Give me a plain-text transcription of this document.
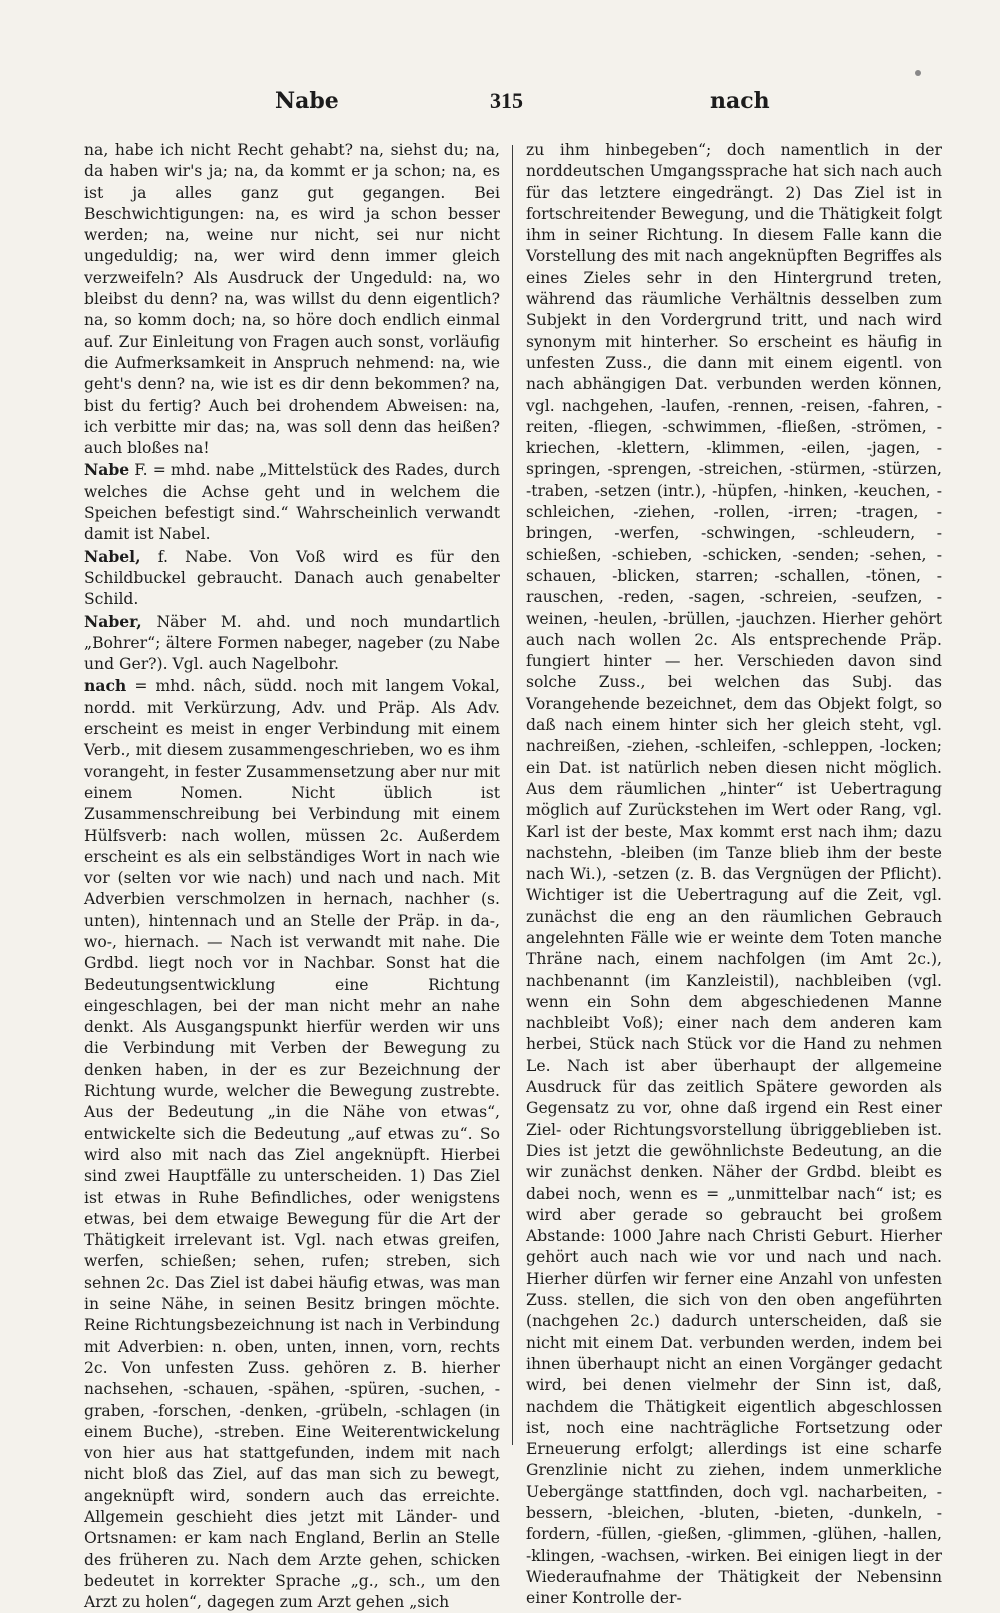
Nabe	315	nach

na, habe ich nicht Recht gehabt? na, siehst du; na, da haben wir's ja; na, da kommt er ja schon; na, es ist ja alles ganz gut gegangen. Bei Beschwichtigungen: na, es wird ja schon besser werden; na, weine nur nicht, sei nur nicht ungeduldig; na, wer wird denn immer gleich verzweifeln? Als Ausdruck der Ungeduld: na, wo bleibst du denn? na, was willst du denn eigentlich? na, so komm doch; na, so höre doch endlich einmal auf. Zur Einleitung von Fragen auch sonst, vorläufig die Aufmerksamkeit in Anspruch nehmend: na, wie geht's denn? na, wie ist es dir denn bekommen? na, bist du fertig? Auch bei drohendem Abweisen: na, ich verbitte mir das; na, was soll denn das heißen? auch bloßes na!

Nabe F. = mhd. nabe „Mittelstück des Rades, durch welches die Achse geht und in welchem die Speichen befestigt sind.“ Wahrscheinlich verwandt damit ist Nabel.

Nabel, f. Nabe. Von Voß wird es für den Schildbuckel gebraucht. Danach auch genabelter Schild.

Naber, Näber M. ahd. und noch mundartlich „Bohrer“; ältere Formen nabeger, nageber (zu Nabe und Ger?). Vgl. auch Nagelbohr.

nach = mhd. nâch, südd. noch mit langem Vokal, nordd. mit Verkürzung, Adv. und Präp. Als Adv. erscheint es meist in enger Verbindung mit einem Verb., mit diesem zusammengeschrieben, wo es ihm vorangeht, in fester Zusammensetzung aber nur mit einem Nomen. Nicht üblich ist Zusammenschreibung bei Verbindung mit einem Hülfsverb: nach wollen, müssen 2c. Außerdem erscheint es als ein selbständiges Wort in nach wie vor (selten vor wie nach) und nach und nach. Mit Adverbien verschmolzen in hernach, nachher (s. unten), hintennach und an Stelle der Präp. in da-, wo-, hiernach. — Nach ist verwandt mit nahe. Die Grdbd. liegt noch vor in Nachbar. Sonst hat die Bedeutungsentwicklung eine Richtung eingeschlagen, bei der man nicht mehr an nahe denkt. Als Ausgangspunkt hierfür werden wir uns die Verbindung mit Verben der Bewegung zu denken haben, in der es zur Bezeichnung der Richtung wurde, welcher die Bewegung zustrebte. Aus der Bedeutung „in die Nähe von etwas“, entwickelte sich die Bedeutung „auf etwas zu“. So wird also mit nach das Ziel angeknüpft. Hierbei sind zwei Hauptfälle zu unterscheiden. 1) Das Ziel ist etwas in Ruhe Befindliches, oder wenigstens etwas, bei dem etwaige Bewegung für die Art der Thätigkeit irrelevant ist. Vgl. nach etwas greifen, werfen, schießen; sehen, rufen; streben, sich sehnen 2c. Das Ziel ist dabei häufig etwas, was man in seine Nähe, in seinen Besitz bringen möchte. Reine Richtungsbezeichnung ist nach in Verbindung mit Adverbien: n. oben, unten, innen, vorn, rechts 2c. Von unfesten Zuss. gehören z. B. hierher nachsehen, -schauen, -spähen, -spüren, -suchen, -graben, -forschen, -denken, -grübeln, -schlagen (in einem Buche), -streben. Eine Weiterentwickelung von hier aus hat stattgefunden, indem mit nach nicht bloß das Ziel, auf das man sich zu bewegt, angeknüpft wird, sondern auch das erreichte. Allgemein geschieht dies jetzt mit Länder- und Ortsnamen: er kam nach England, Berlin an Stelle des früheren zu. Nach dem Arzte gehen, schicken bedeutet in korrekter Sprache „g., sch., um den Arzt zu holen“, dagegen zum Arzt gehen „sich

zu ihm hinbegeben“; doch namentlich in der norddeutschen Umgangssprache hat sich nach auch für das letztere eingedrängt. 2) Das Ziel ist in fortschreitender Bewegung, und die Thätigkeit folgt ihm in seiner Richtung. In diesem Falle kann die Vorstellung des mit nach angeknüpften Begriffes als eines Zieles sehr in den Hintergrund treten, während das räumliche Verhältnis desselben zum Subjekt in den Vordergrund tritt, und nach wird synonym mit hinterher. So erscheint es häufig in unfesten Zuss., die dann mit einem eigentl. von nach abhängigen Dat. verbunden werden können, vgl. nachgehen, -laufen, -rennen, -reisen, -fahren, -reiten, -fliegen, -schwimmen, -fließen, -strömen, -kriechen, -klettern, -klimmen, -eilen, -jagen, -springen, -sprengen, -streichen, -stürmen, -stürzen, -traben, -setzen (intr.), -hüpfen, -hinken, -keuchen, -schleichen, -ziehen, -rollen, -irren; -tragen, -bringen, -werfen, -schwingen, -schleudern, -schießen, -schieben, -schicken, -senden; -sehen, -schauen, -blicken, starren; -schallen, -tönen, -rauschen, -reden, -sagen, -schreien, -seufzen, -weinen, -heulen, -brüllen, -jauchzen. Hierher gehört auch nach wollen 2c. Als entsprechende Präp. fungiert hinter — her. Verschieden davon sind solche Zuss., bei welchen das Subj. das Vorangehende bezeichnet, dem das Objekt folgt, so daß nach einem hinter sich her gleich steht, vgl. nachreißen, -ziehen, -schleifen, -schleppen, -locken; ein Dat. ist natürlich neben diesen nicht möglich. Aus dem räumlichen „hinter“ ist Uebertragung möglich auf Zurückstehen im Wert oder Rang, vgl. Karl ist der beste, Max kommt erst nach ihm; dazu nachstehn, -bleiben (im Tanze blieb ihm der beste nach Wi.), -setzen (z. B. das Vergnügen der Pflicht). Wichtiger ist die Uebertragung auf die Zeit, vgl. zunächst die eng an den räumlichen Gebrauch angelehnten Fälle wie er weinte dem Toten manche Thräne nach, einem nachfolgen (im Amt 2c.), nachbenannt (im Kanzleistil), nachbleiben (vgl. wenn ein Sohn dem abgeschiedenen Manne nachbleibt Voß); einer nach dem anderen kam herbei, Stück nach Stück vor die Hand zu nehmen Le. Nach ist aber überhaupt der allgemeine Ausdruck für das zeitlich Spätere geworden als Gegensatz zu vor, ohne daß irgend ein Rest einer Ziel- oder Richtungsvorstellung übriggeblieben ist. Dies ist jetzt die gewöhnlichste Bedeutung, an die wir zunächst denken. Näher der Grdbd. bleibt es dabei noch, wenn es = „unmittelbar nach“ ist; es wird aber gerade so gebraucht bei großem Abstande: 1000 Jahre nach Christi Geburt. Hierher gehört auch nach wie vor und nach und nach. Hierher dürfen wir ferner eine Anzahl von unfesten Zuss. stellen, die sich von den oben angeführten (nachgehen 2c.) dadurch unterscheiden, daß sie nicht mit einem Dat. verbunden werden, indem bei ihnen überhaupt nicht an einen Vorgänger gedacht wird, bei denen vielmehr der Sinn ist, daß, nachdem die Thätigkeit eigentlich abgeschlossen ist, noch eine nachträgliche Fortsetzung oder Erneuerung erfolgt; allerdings ist eine scharfe Grenzlinie nicht zu ziehen, indem unmerkliche Uebergänge stattfinden, doch vgl. nacharbeiten, -bessern, -bleichen, -bluten, -bieten, -dunkeln, -fordern, -füllen, -gießen, -glimmen, -glühen, -hallen, -klingen, -wachsen, -wirken. Bei einigen liegt in der Wiederaufnahme der Thätigkeit der Nebensinn einer Kontrolle der-
